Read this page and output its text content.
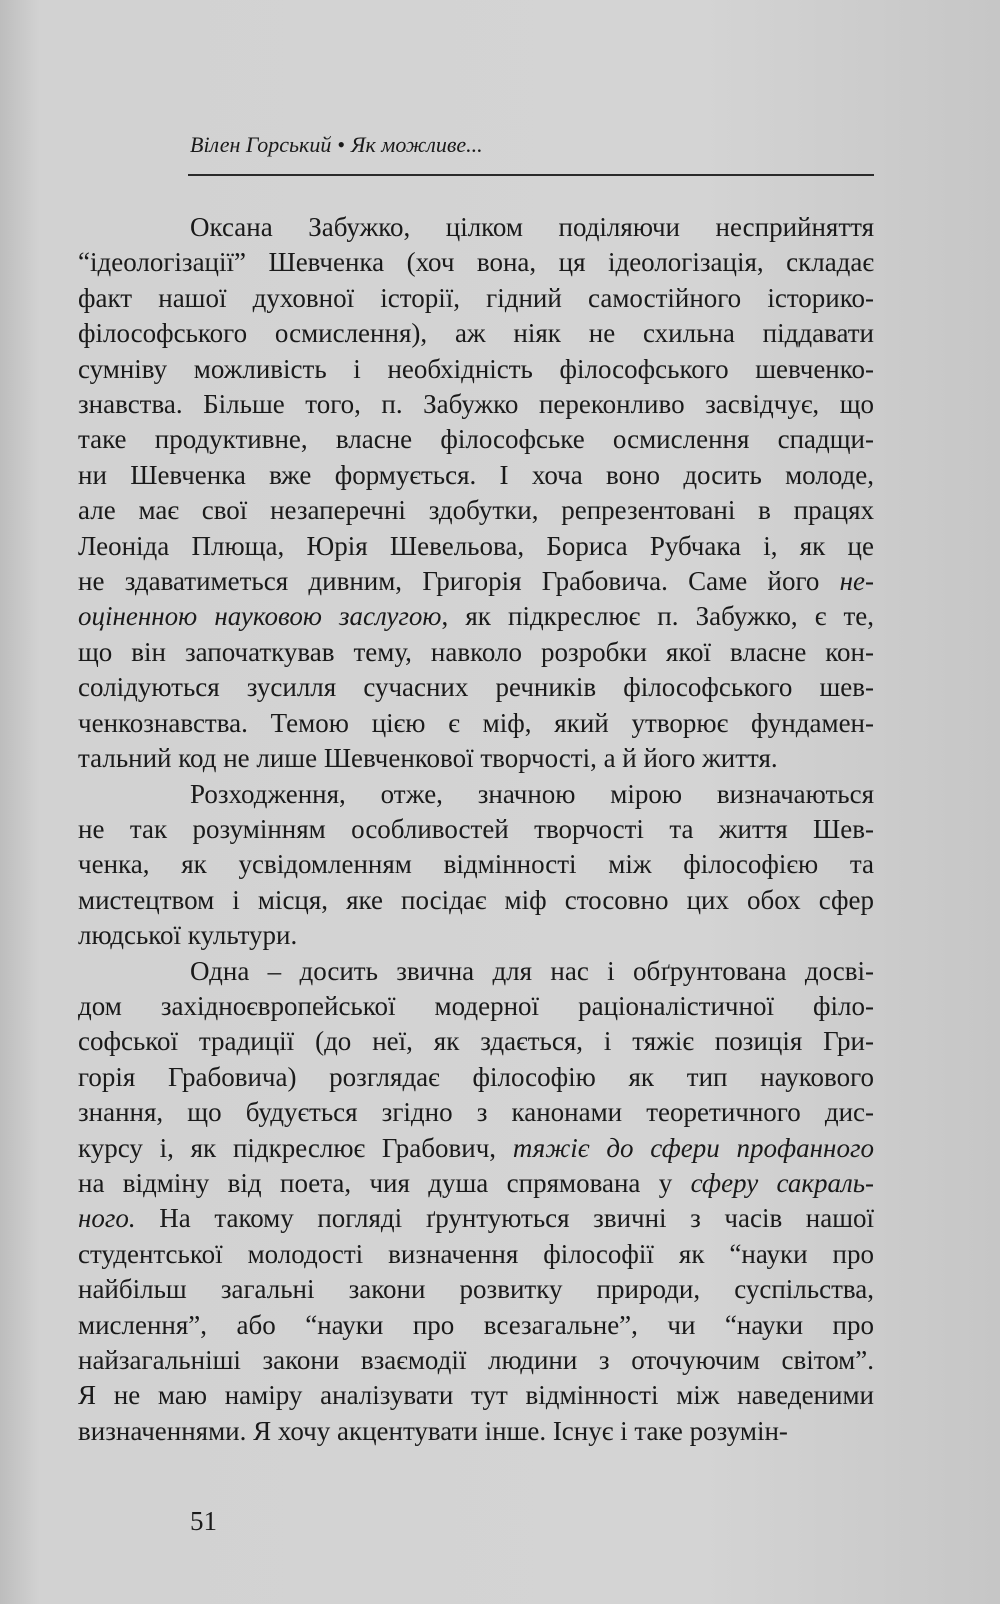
Вілен Горський • Як можливе...
Оксана Забужко, цілком поділяючи несприйняття
“ідеологізації” Шевченка (хоч вона, ця ідеологізація, складає
факт нашої духовної історії, гідний самостійного історико-
філософського осмислення), аж ніяк не схильна піддавати
сумніву можливість і необхідність філософського шевченко-
знавства. Більше того, п. Забужко переконливо засвідчує, що
таке продуктивне, власне філософське осмислення спадщи-
ни Шевченка вже формується. І хоча воно досить молоде,
але має свої незаперечні здобутки, репрезентовані в працях
Леоніда Плюща, Юрія Шевельова, Бориса Рубчака і, як це
не здаватиметься дивним, Григорія Грабовича. Саме його не-
оціненною науковою заслугою, як підкреслює п. Забужко, є те,
що він започаткував тему, навколо розробки якої власне кон-
солідуються зусилля сучасних речників філософського шев-
ченкознавства. Темою цією є міф, який утворює фундамен-
тальний код не лише Шевченкової творчості, а й його життя.
Розходження, отже, значною мірою визначаються
не так розумінням особливостей творчості та життя Шев-
ченка, як усвідомленням відмінності між філософією та
мистецтвом і місця, яке посідає міф стосовно цих обох сфер
людської культури.
Одна – досить звична для нас і обґрунтована досві-
дом західноєвропейської модерної раціоналістичної філо-
софської традиції (до неї, як здається, і тяжіє позиція Гри-
горія Грабовича) розглядає філософію як тип наукового
знання, що будується згідно з канонами теоретичного дис-
курсу і, як підкреслює Грабович, тяжіє до сфери профанного
на відміну від поета, чия душа спрямована у сферу сакраль-
ного. На такому погляді ґрунтуються звичні з часів нашої
студентської молодості визначення філософії як “науки про
найбільш загальні закони розвитку природи, суспільства,
мислення”, або “науки про всезагальне”, чи “науки про
найзагальніші закони взаємодії людини з оточуючим світом”.
Я не маю наміру аналізувати тут відмінності між наведеними
визначеннями. Я хочу акцентувати інше. Існує і таке розумін-
51
